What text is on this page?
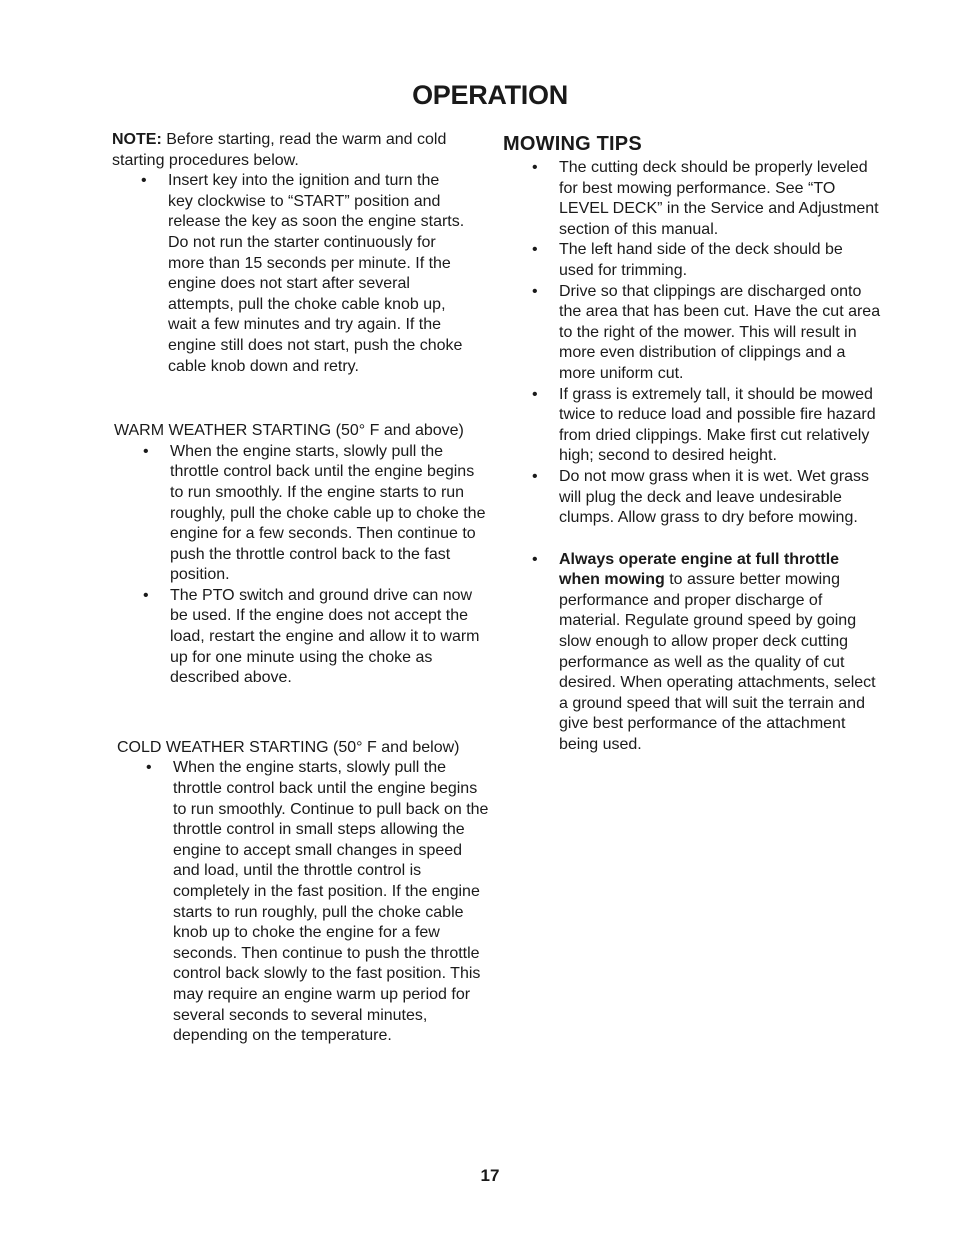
OPERATION

NOTE: Before starting, read the warm and cold starting procedures below.

• Insert key into the ignition and turn the key clockwise to “START” position and release the key as soon the engine starts. Do not run the starter continuously for more than 15 seconds per minute. If the engine does not start after several attempts, pull the choke cable knob up, wait a few minutes and try again. If the engine still does not start, push the choke cable knob down and retry.

WARM WEATHER STARTING (50° F and above)

• When the engine starts, slowly pull the throttle control back until the engine begins to run smoothly. If the engine starts to run roughly, pull the choke cable up to choke the engine for a few seconds. Then continue to push the throttle control back to the fast position.
• The PTO switch and ground drive can now be used. If the engine does not accept the load, restart the engine and allow it to warm up for one minute using the choke as described above.

COLD WEATHER STARTING (50° F and below)

• When the engine starts, slowly pull the throttle control back until the engine begins to run smoothly. Continue to pull back on the throttle control in small steps allowing the engine to accept small changes in speed and load, until the throttle control is completely in the fast position. If the engine starts to run roughly, pull the choke cable knob up to choke the engine for a few seconds. Then continue to push the throttle control back slowly to the fast position. This may require an engine warm up period for several seconds to several minutes, depending on the temperature.

MOWING TIPS

• The cutting deck should be properly leveled for best mowing performance. See “TO LEVEL DECK” in the Service and Adjustment section of this manual.
• The left hand side of the deck should be used for trimming.
• Drive so that clippings are discharged onto the area that has been cut. Have the cut area to the right of the mower. This will result in more even distribution of clippings and a more uniform cut.
• If grass is extremely tall, it should be mowed twice to reduce load and possible fire hazard from dried clippings. Make first cut relatively high; second to desired height.
• Do not mow grass when it is wet. Wet grass will plug the deck and leave undesirable clumps. Allow grass to dry before mowing.
• Always operate engine at full throttle when mowing to assure better mowing performance and proper discharge of material. Regulate ground speed by going slow enough to allow proper deck cutting performance as well as the quality of cut desired. When operating attachments, select a ground speed that will suit the terrain and give best performance of the attachment being used.
17
